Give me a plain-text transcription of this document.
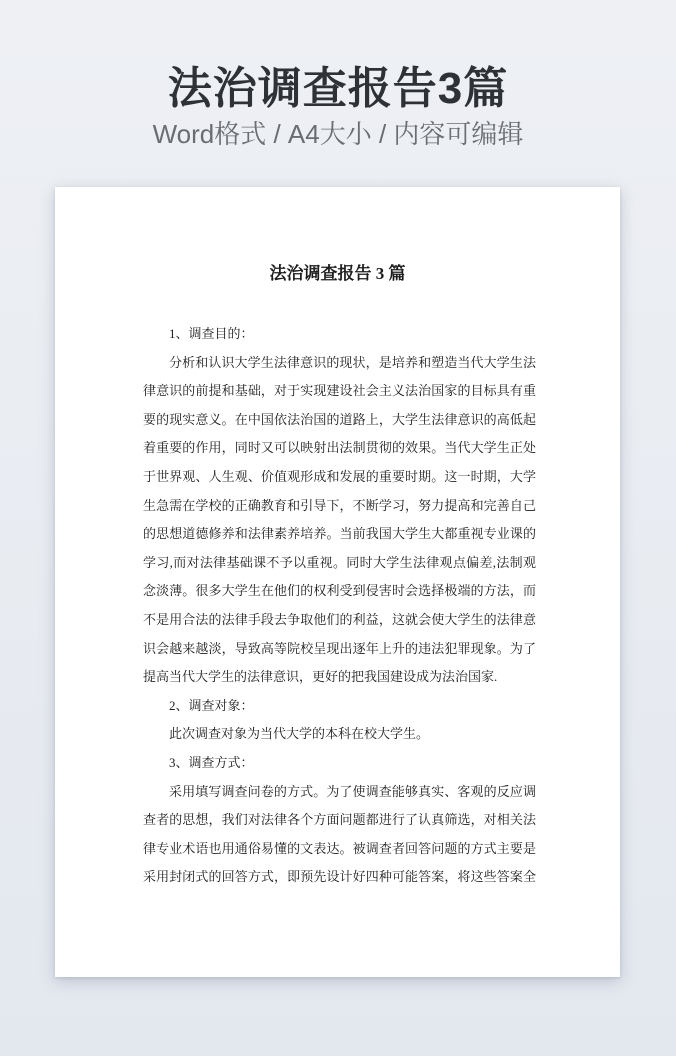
法治调查报告3篇
Word格式 / A4大小 / 内容可编辑
法治调查报告 3 篇
1、调查目的：
分析和认识大学生法律意识的现状，是培养和塑造当代大学生法
律意识的前提和基础，对于实现建设社会主义法治国家的目标具有重
要的现实意义。在中国依法治国的道路上，大学生法律意识的高低起
着重要的作用，同时又可以映射出法制贯彻的效果。当代大学生正处
于世界观、人生观、价值观形成和发展的重要时期。这一时期，大学
生急需在学校的正确教育和引导下，不断学习，努力提高和完善自己
的思想道德修养和法律素养培养。当前我国大学生大都重视专业课的
学习,而对法律基础课不予以重视。同时大学生法律观点偏差,法制观
念淡薄。很多大学生在他们的权利受到侵害时会选择极端的方法，而
不是用合法的法律手段去争取他们的利益，这就会使大学生的法律意
识会越来越淡，导致高等院校呈现出逐年上升的违法犯罪现象。为了
提高当代大学生的法律意识，更好的把我国建设成为法治国家.
2、调查对象：
此次调查对象为当代大学的本科在校大学生。
3、调查方式：
采用填写调查问卷的方式。为了使调查能够真实、客观的反应调
查者的思想，我们对法律各个方面问题都进行了认真筛选，对相关法
律专业术语也用通俗易懂的文表达。被调查者回答问题的方式主要是
采用封闭式的回答方式，即预先设计好四种可能答案，将这些答案全
